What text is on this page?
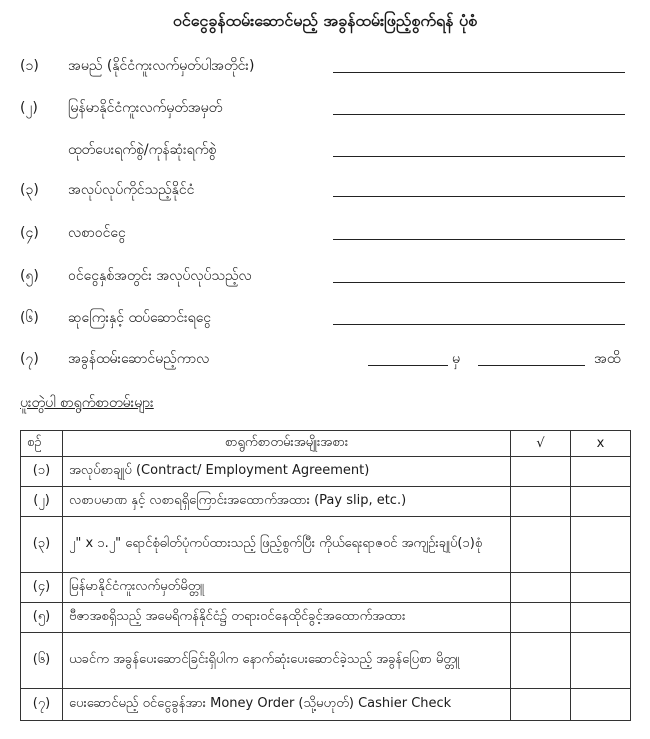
ဝင်ငွေခွန်ထမ်းဆောင်မည့် အခွန်ထမ်းဖြည့်စွက်ရန် ပုံစံ
(၁) အမည် (နိုင်ငံကူးလက်မှတ်ပါအတိုင်း)
(၂) မြန်မာနိုင်ငံကူးလက်မှတ်အမှတ်
ထုတ်ပေးရက်စွဲ/ကုန်ဆုံးရက်စွဲ
(၃) အလုပ်လုပ်ကိုင်သည့်နိုင်ငံ
(၄) လစာဝင်ငွေ
(၅) ဝင်ငွေနှစ်အတွင်း အလုပ်လုပ်သည့်လ
(၆) ဆုကြေးနှင့် ထပ်ဆောင်းရငွေ
(၇) အခွန်ထမ်းဆောင်မည့်ကာလ	မှ	အထိ
ပူးတွဲပါ စာရွက်စာတမ်းများ
စဉ်	စာရွက်စာတမ်းအမျိုးအစား	√	x
(၁)	အလုပ်စာချုပ် (Contract/ Employment Agreement)		
(၂)	လစာပမာဏ နှင့် လစာရရှိကြောင်းအထောက်အထား (Pay slip, etc.)		
(၃)	၂" x ၁.၂" ရောင်စုံဓါတ်ပုံကပ်ထားသည့် ဖြည့်စွက်ပြီး ကိုယ်ရေးရာဇဝင် အကျဉ်းချုပ်(၁)စုံ		
(၄)	မြန်မာနိုင်ငံကူးလက်မှတ်မိတ္တူ		
(၅)	ဗီဇာအစရှိသည့် အမေရိကန်နိုင်ငံ၌ တရားဝင်နေထိုင်ခွင့်အထောက်အထား		
(၆)	ယခင်က အခွန်ပေးဆောင်ခြင်းရှိပါက နောက်ဆုံးပေးဆောင်ခဲ့သည့် အခွန်ပြေစာ မိတ္တူ		
(၇)	ပေးဆောင်မည့် ဝင်ငွေခွန်အား Money Order (သို့မဟုတ်) Cashier Check		
